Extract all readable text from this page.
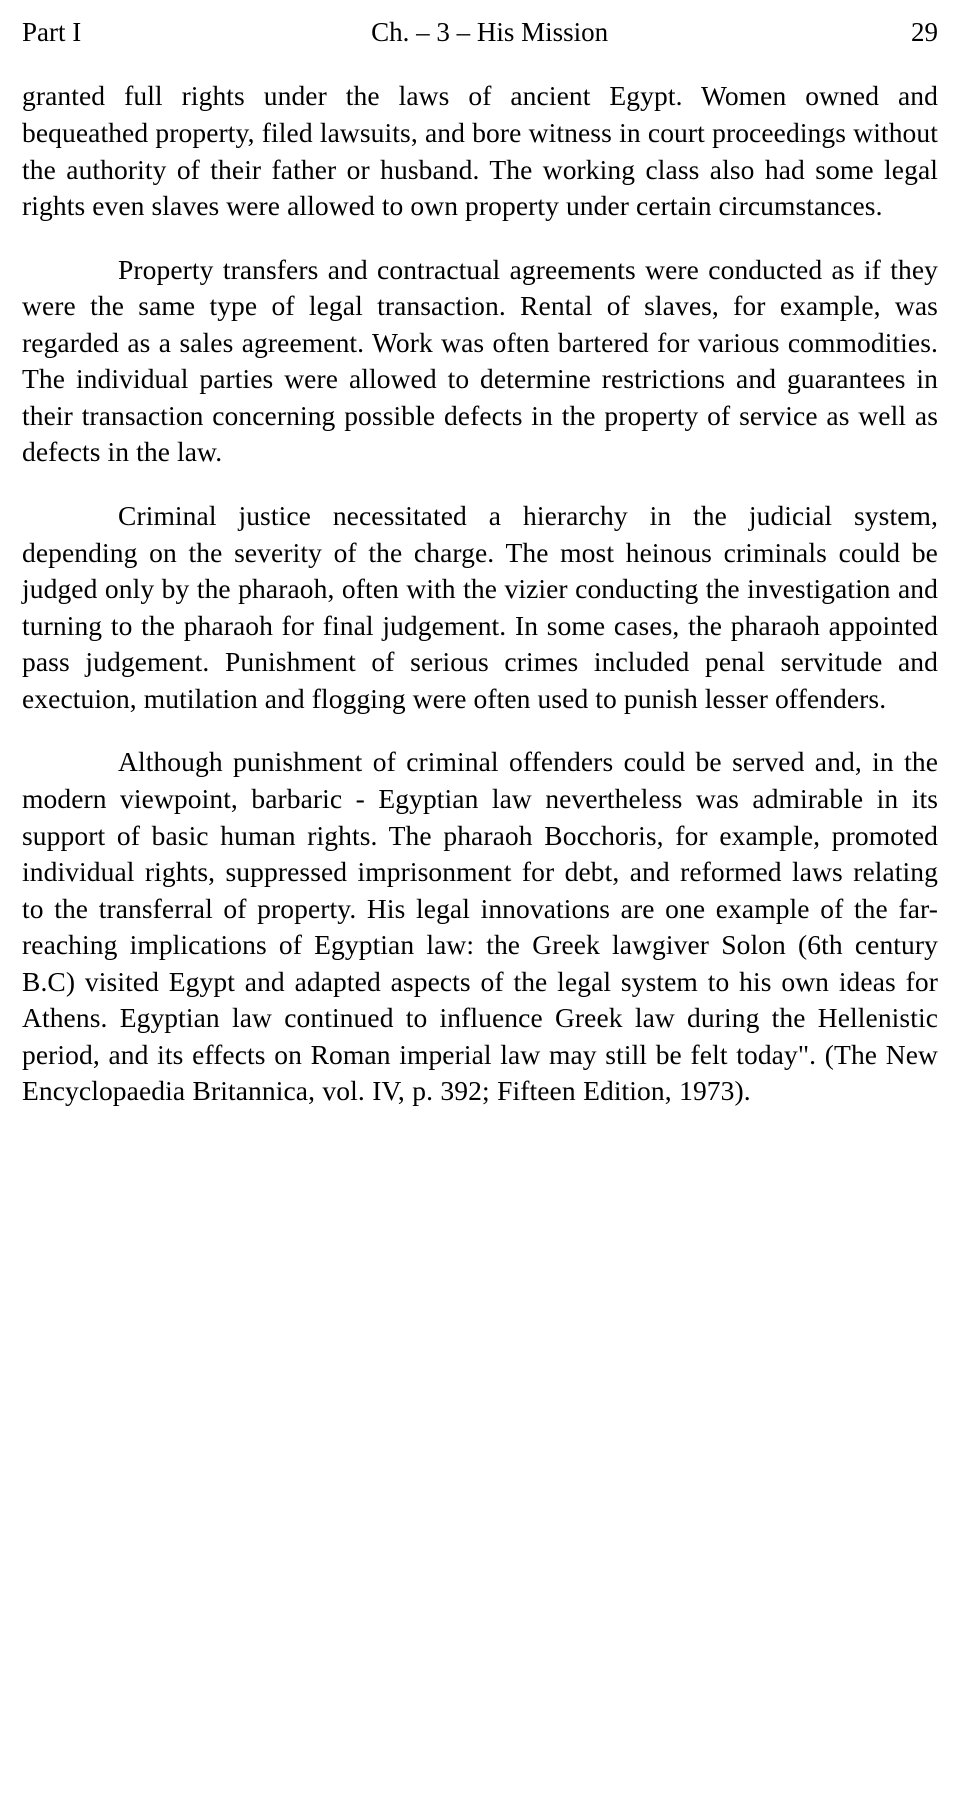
Part I	Ch. – 3 – His Mission	29

granted full rights under the laws of ancient Egypt. Women owned and bequeathed property, filed lawsuits, and bore witness in court proceedings without the authority of their father or husband. The working class also had some legal rights even slaves were allowed to own property under certain circumstances.

Property transfers and contractual agreements were conducted as if they were the same type of legal transaction. Rental of slaves, for example, was regarded as a sales agreement. Work was often bartered for various commodities. The individual parties were allowed to determine restrictions and guarantees in their transaction concerning possible defects in the property of service as well as defects in the law.

Criminal justice necessitated a hierarchy in the judicial system, depending on the severity of the charge. The most heinous criminals could be judged only by the pharaoh, often with the vizier conducting the investigation and turning to the pharaoh for final judgement. In some cases, the pharaoh appointed pass judgement. Punishment of serious crimes included penal servitude and exectuion, mutilation and flogging were often used to punish lesser offenders.

Although punishment of criminal offenders could be served and, in the modern viewpoint, barbaric - Egyptian law nevertheless was admirable in its support of basic human rights. The pharaoh Bocchoris, for example, promoted individual rights, suppressed imprisonment for debt, and reformed laws relating to the transferral of property. His legal innovations are one example of the far-reaching implications of Egyptian law: the Greek lawgiver Solon (6th century B.C) visited Egypt and adapted aspects of the legal system to his own ideas for Athens. Egyptian law continued to influence Greek law during the Hellenistic period, and its effects on Roman imperial law may still be felt today". (The New Encyclopaedia Britannica, vol. IV, p. 392; Fifteen Edition, 1973).
